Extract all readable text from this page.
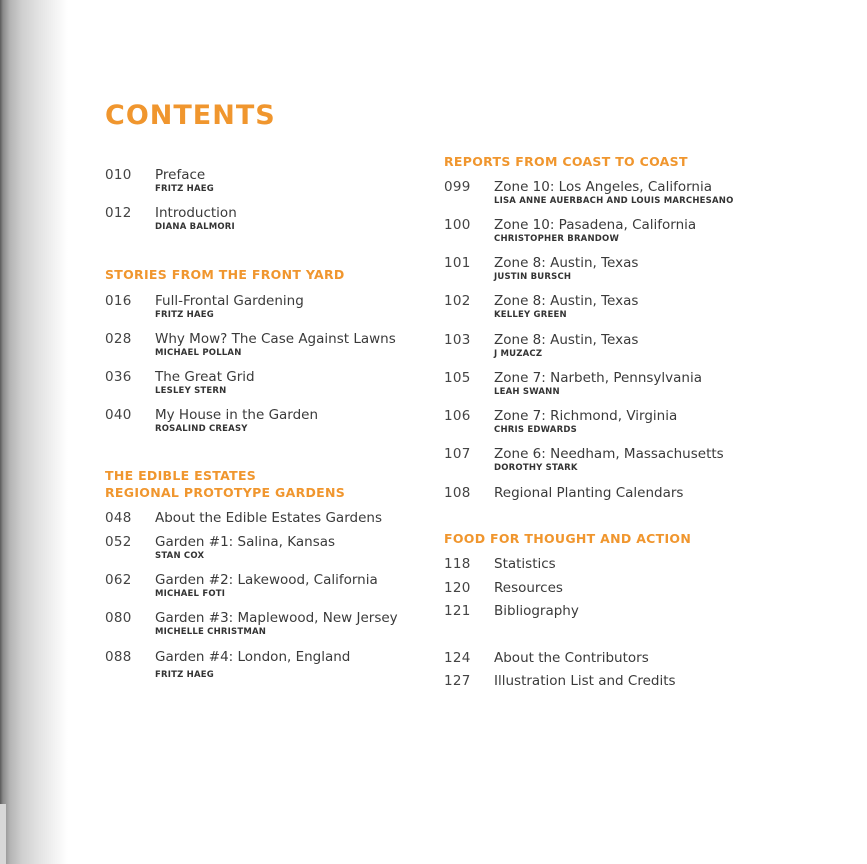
CONTENTS
010 Preface
FRITZ HAEG
012 Introduction
DIANA BALMORI
STORIES FROM THE FRONT YARD
016 Full-Frontal Gardening
FRITZ HAEG
028 Why Mow? The Case Against Lawns
MICHAEL POLLAN
036 The Great Grid
LESLEY STERN
040 My House in the Garden
ROSALIND CREASY
THE EDIBLE ESTATES
REGIONAL PROTOTYPE GARDENS
048 About the Edible Estates Gardens
052 Garden #1: Salina, Kansas
STAN COX
062 Garden #2: Lakewood, California
MICHAEL FOTI
080 Garden #3: Maplewood, New Jersey
MICHELLE CHRISTMAN
088 Garden #4: London, England
FRITZ HAEG
REPORTS FROM COAST TO COAST
099 Zone 10: Los Angeles, California
LISA ANNE AUERBACH AND LOUIS MARCHESANO
100 Zone 10: Pasadena, California
CHRISTOPHER BRANDOW
101 Zone 8: Austin, Texas
JUSTIN BURSCH
102 Zone 8: Austin, Texas
KELLEY GREEN
103 Zone 8: Austin, Texas
J MUZACZ
105 Zone 7: Narbeth, Pennsylvania
LEAH SWANN
106 Zone 7: Richmond, Virginia
CHRIS EDWARDS
107 Zone 6: Needham, Massachusetts
DOROTHY STARK
108 Regional Planting Calendars
FOOD FOR THOUGHT AND ACTION
118 Statistics
120 Resources
121 Bibliography
124 About the Contributors
127 Illustration List and Credits
